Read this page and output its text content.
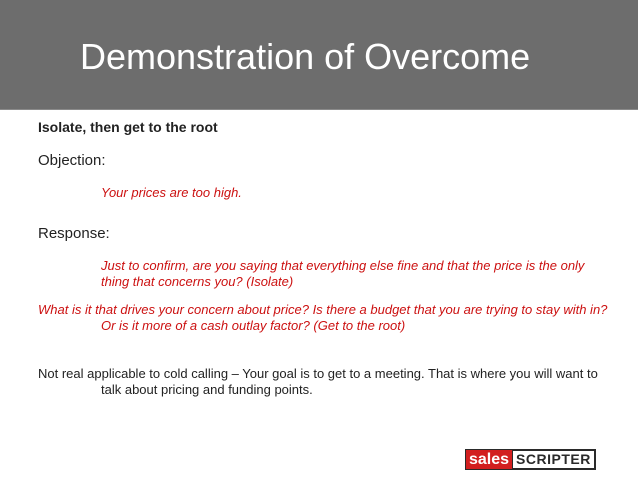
Demonstration of Overcome

Isolate, then get to the root

Objection:

Your prices are too high.

Response:

Just to confirm, are you saying that everything else fine and that the price is the only thing that concerns you? (Isolate)

What is it that drives your concern about price? Is there a budget that you are trying to stay with in? Or is it more of a cash outlay factor? (Get to the root)

Not real applicable to cold calling – Your goal is to get to a meeting. That is where you will want to talk about pricing and funding points.

sales SCRIPTER
